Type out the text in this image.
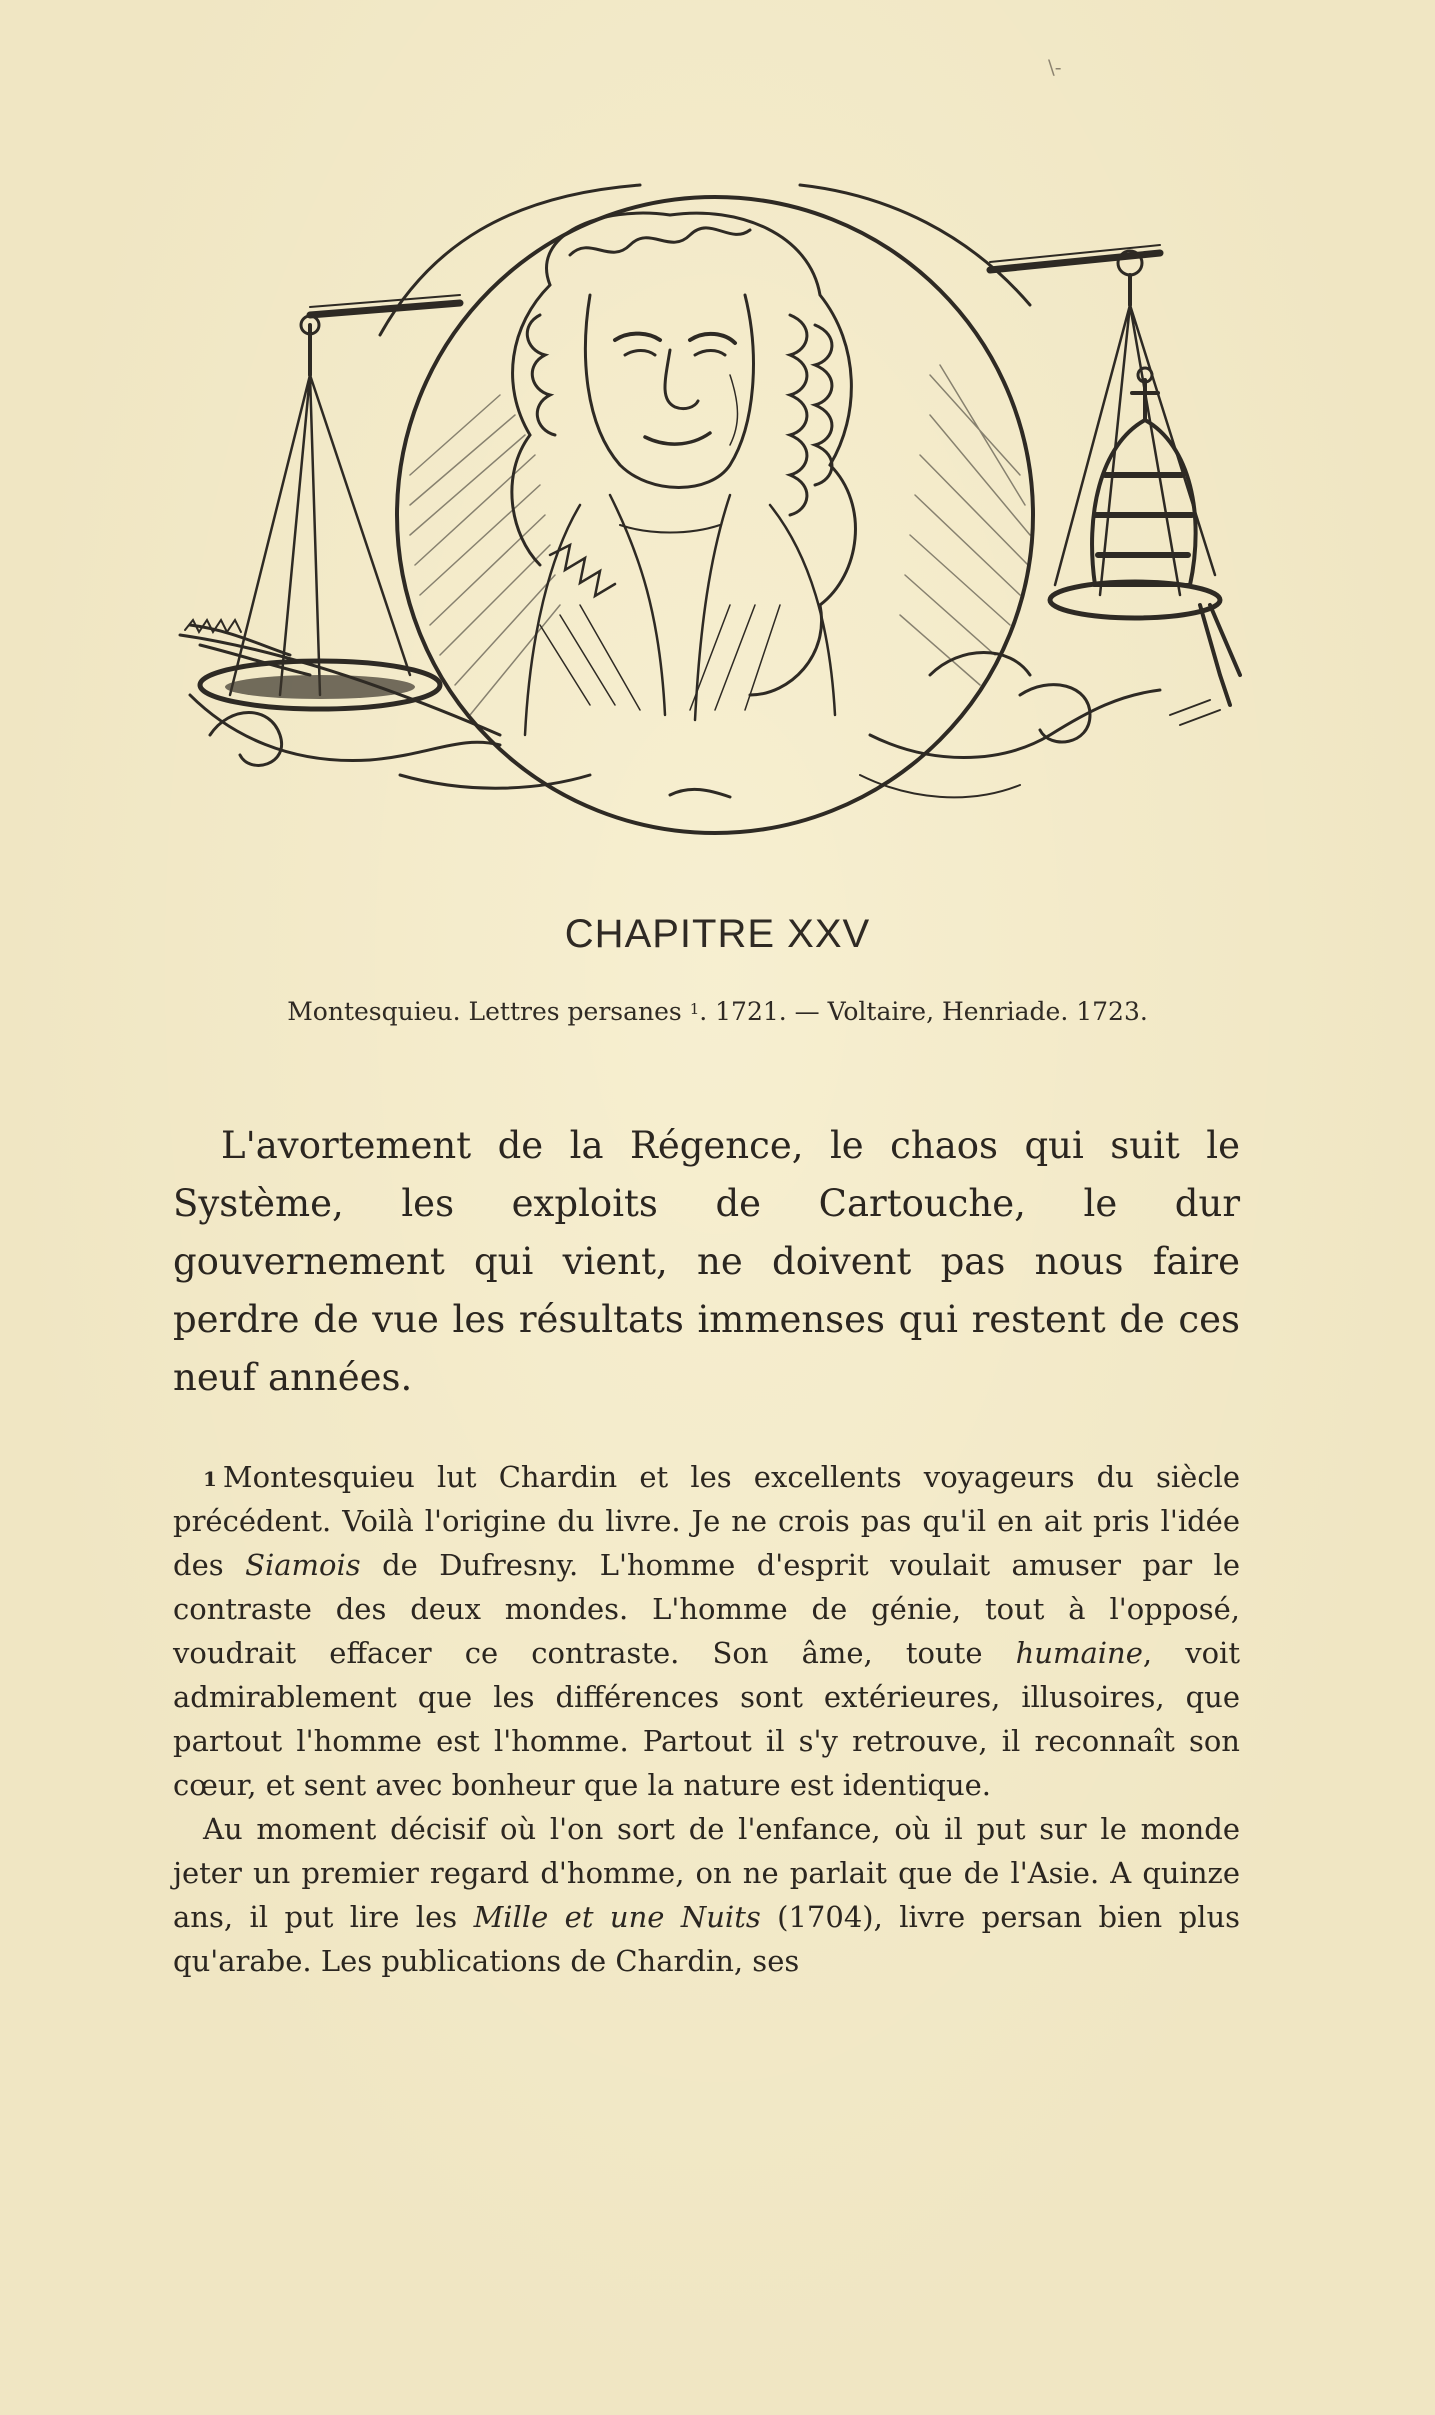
\-
CHAPITRE XXV
Montesquieu. Lettres persanes $^1$. 1721. — Voltaire, Henriade. 1723.

L'avortement de la Régence, le chaos qui suit le Système, les exploits de Cartouche, le dur gouvernement qui vient, ne doivent pas nous faire perdre de vue les résultats immenses qui restent de ces neuf années.

$^1$ Montesquieu lut Chardin et les excellents voyageurs du siècle précédent. Voilà l'origine du livre. Je ne crois pas qu'il en ait pris l'idée des Siamois de Dufresny. L'homme d'esprit voulait amuser par le contraste des deux mondes. L'homme de génie, tout à l'opposé, voudrait effacer ce contraste. Son âme, toute humaine, voit admirablement que les différences sont extérieures, illusoires, que partout l'homme est l'homme. Partout il s'y retrouve, il reconnaît son cœur, et sent avec bonheur que la nature est identique.

Au moment décisif où l'on sort de l'enfance, où il put sur le monde jeter un premier regard d'homme, on ne parlait que de l'Asie. A quinze ans, il put lire les Mille et une Nuits (1704), livre persan bien plus qu'arabe. Les publications de Chardin, ses
